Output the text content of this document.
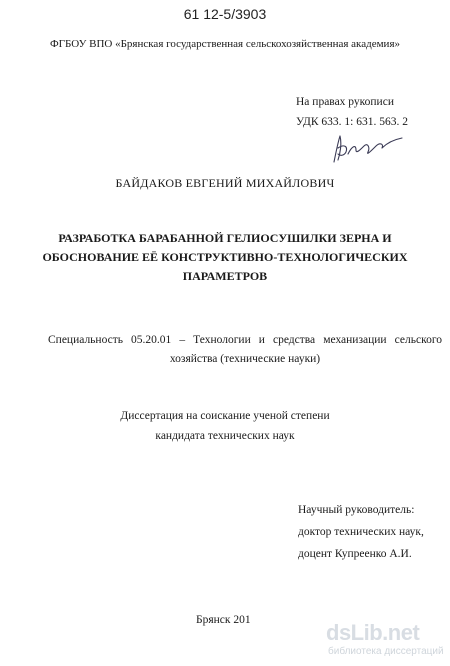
61 12-5/3903
ФГБОУ ВПО «Брянская государственная сельскохозяйственная академия»
На правах рукописи
УДК 633. 1: 631. 563. 2
БАЙДАКОВ ЕВГЕНИЙ МИХАЙЛОВИЧ
РАЗРАБОТКА БАРАБАННОЙ ГЕЛИОСУШИЛКИ ЗЕРНА И
ОБОСНОВАНИЕ ЕЁ КОНСТРУКТИВНО-ТЕХНОЛОГИЧЕСКИХ
ПАРАМЕТРОВ
Специальность 05.20.01 – Технологии и средства механизации сельского
хозяйства (технические науки)
Диссертация на соискание ученой степени
кандидата технических наук
Научный руководитель:
доктор технических наук,
доцент Купреенко А.И.
Брянск 201	dsLib.net
библиотека диссертаций
